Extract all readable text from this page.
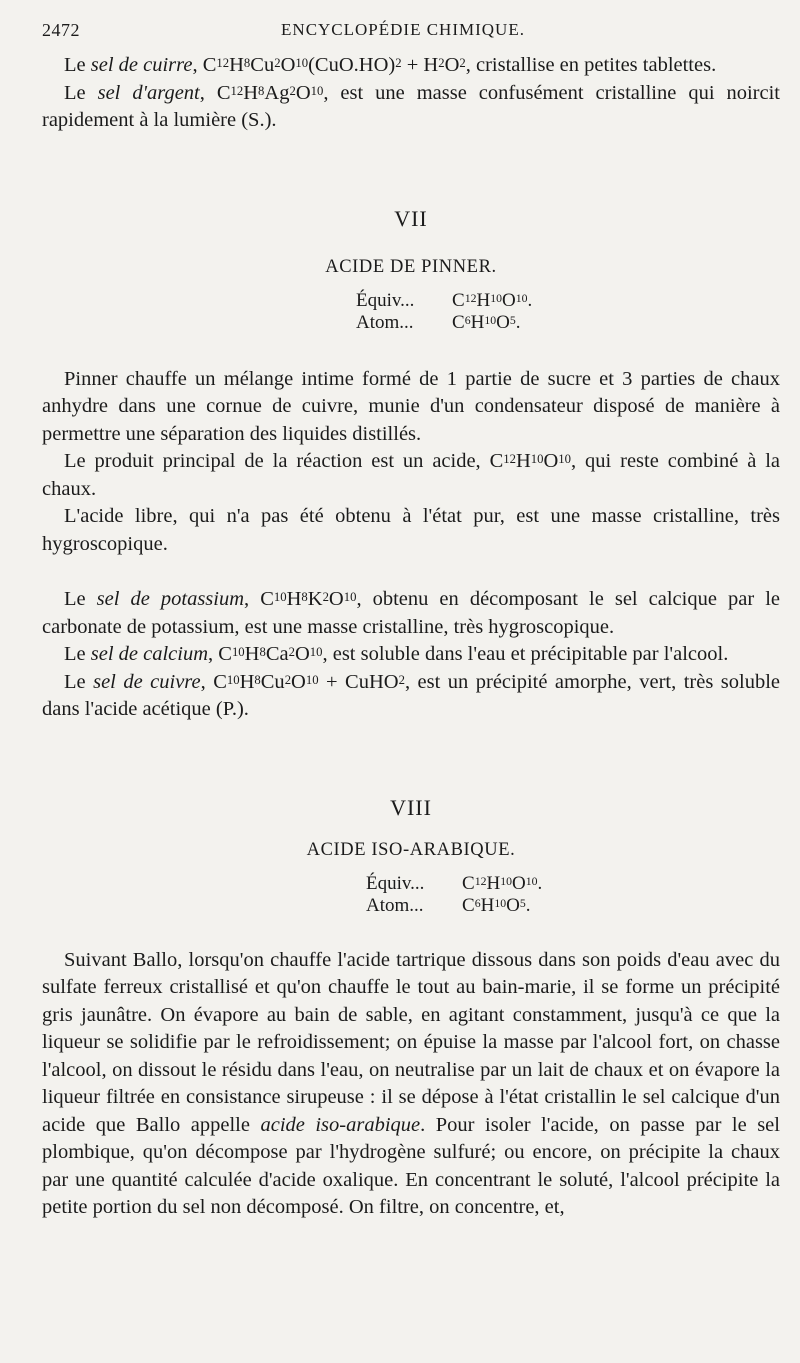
2472	ENCYCLOPÉDIE CHIMIQUE.

Le sel de cuirre, $C^{12}H^8Cu^2O^{10}(CuO.HO)^2 + H^2O^2$, cristallise en petites tablettes.

Le sel d'argent, $C^{12}H^8Ag^2O^{10}$, est une masse confusément cristalline qui noircit rapidement à la lumière (S.).

VII
ACIDE DE PINNER.
Équiv...	$C^{12}H^{10}O^{10}$.
Atom...	$C^6H^{10}O^5$.

Pinner chauffe un mélange intime formé de 1 partie de sucre et 3 parties de chaux anhydre dans une cornue de cuivre, munie d'un condensateur disposé de manière à permettre une séparation des liquides distillés.

Le produit principal de la réaction est un acide, $C^{12}H^{10}O^{10}$, qui reste combiné à la chaux.

L'acide libre, qui n'a pas été obtenu à l'état pur, est une masse cristalline, très hygroscopique.

Le sel de potassium, $C^{10}H^8K^2O^{10}$, obtenu en décomposant le sel calcique par le carbonate de potassium, est une masse cristalline, très hygroscopique.

Le sel de calcium, $C^{10}H^8Ca^2O^{10}$, est soluble dans l'eau et précipitable par l'alcool.

Le sel de cuivre, $C^{10}H^8Cu^2O^{10}$ + CuHO$^2$, est un précipité amorphe, vert, très soluble dans l'acide acétique (P.).

VIII
ACIDE ISO-ARABIQUE.
Équiv...	$C^{12}H^{10}O^{10}$.
Atom...	$C^6H^{10}O^5$.

Suivant Ballo, lorsqu'on chauffe l'acide tartrique dissous dans son poids d'eau avec du sulfate ferreux cristallisé et qu'on chauffe le tout au bain-marie, il se forme un précipité gris jaunâtre. On évapore au bain de sable, en agitant constamment, jusqu'à ce que la liqueur se solidifie par le refroidissement; on épuise la masse par l'alcool fort, on chasse l'alcool, on dissout le résidu dans l'eau, on neutralise par un lait de chaux et on évapore la liqueur filtrée en consistance sirupeuse : il se dépose à l'état cristallin le sel calcique d'un acide que Ballo appelle acide iso-arabique. Pour isoler l'acide, on passe par le sel plombique, qu'on décompose par l'hydrogène sulfuré; ou encore, on précipite la chaux par une quantité calculée d'acide oxalique. En concentrant le soluté, l'alcool précipite la petite portion du sel non décomposé. On filtre, on concentre, et,
